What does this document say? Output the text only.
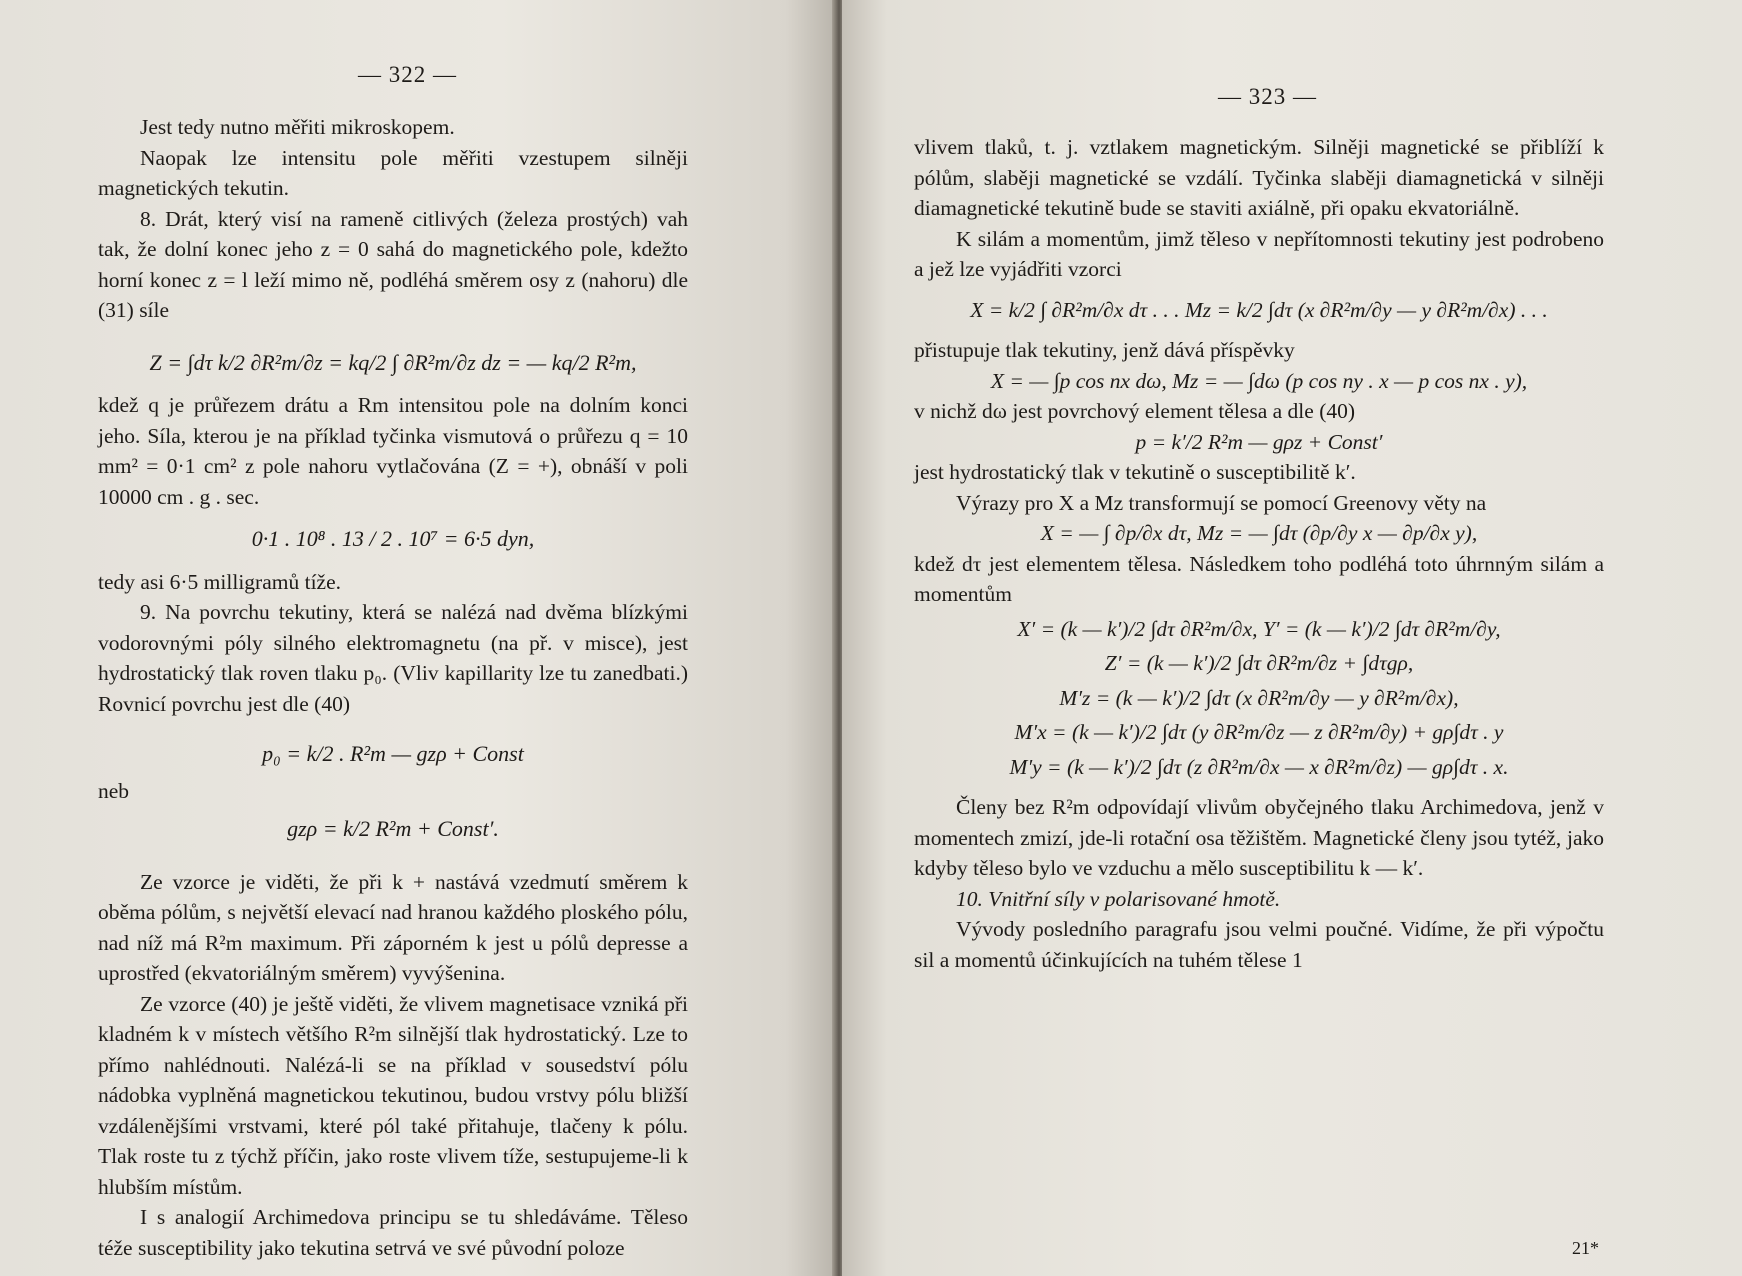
— 322 —

Jest tedy nutno měřiti mikroskopem.

Naopak lze intensitu pole měřiti vzestupem silněji magnetických tekutin.

8. Drát, který visí na rameně citlivých (železa prostých) vah tak, že dolní konec jeho z = 0 sahá do magnetického pole, kdežto horní konec z = l leží mimo ně, podléhá směrem osy z (nahoru) dle (31) síle

Z = ∫dτ k/2 ∂R²m/∂z = kq/2 ∫ ∂R²m/∂z dz = — kq/2 R²m,

kdež q je průřezem drátu a Rm intensitou pole na dolním konci jeho. Síla, kterou je na příklad tyčinka vismutová o průřezu q = 10 mm² = 0·1 cm² z pole nahoru vytlačována (Z = +), obnáší v poli 10000 cm . g . sec.

0·1 . 10⁸ . 13 / 2 . 10⁷ = 6·5 dyn,

tedy asi 6·5 milligramů tíže.

9. Na povrchu tekutiny, která se nalézá nad dvěma blízkými vodorovnými póly silného elektromagnetu (na př. v misce), jest hydrostatický tlak roven tlaku p₀. (Vliv kapillarity lze tu zanedbati.) Rovnicí povrchu jest dle (40)

p₀ = k/2 . R²m — gzρ + Const

neb

gzρ = k/2 R²m + Const′.

Ze vzorce je viděti, že při k + nastává vzedmutí směrem k oběma pólům, s největší elevací nad hranou každého ploského pólu, nad níž má R²m maximum. Při záporném k jest u pólů depresse a uprostřed (ekvatoriálným směrem) vyvýšenina.

Ze vzorce (40) je ještě viděti, že vlivem magnetisace vzniká při kladném k v místech většího R²m silnější tlak hydrostatický. Lze to přímo nahlédnouti. Nalézá-li se na příklad v sousedství pólu nádobka vyplněná magnetickou tekutinou, budou vrstvy pólu bližší vzdálenějšími vrstvami, které pól také přitahuje, tlačeny k pólu. Tlak roste tu z týchž příčin, jako roste vlivem tíže, sestupujeme-li k hlubším místům.

I s analogií Archimedova principu se tu shledáváme. Těleso téže susceptibility jako tekutina setrvá ve své původní poloze

— 323 —

vlivem tlaků, t. j. vztlakem magnetickým. Silněji magnetické se přiblíží k pólům, slaběji magnetické se vzdálí. Tyčinka slaběji diamagnetická v silněji diamagnetické tekutině bude se staviti axiálně, při opaku ekvatoriálně.

K silám a momentům, jimž těleso v nepřítomnosti tekutiny jest podrobeno a jež lze vyjádřiti vzorci

X = k/2 ∫ ∂R²m/∂x dτ . . . Mz = k/2 ∫dτ (x ∂R²m/∂y — y ∂R²m/∂x) . . .

přistupuje tlak tekutiny, jenž dává příspěvky

X = — ∫p cos nx dω, Mz = — ∫dω (p cos ny . x — p cos nx . y),

v nichž dω jest povrchový element tělesa a dle (40)

p = k′/2 R²m — gρz + Const′

jest hydrostatický tlak v tekutině o susceptibilitě k′.

Výrazy pro X a Mz transformují se pomocí Greenovy věty na

X = — ∫ ∂p/∂x dτ, Mz = — ∫dτ (∂p/∂y x — ∂p/∂x y),

kdež dτ jest elementem tělesa. Následkem toho podléhá toto úhrnným silám a momentům

X′ = (k — k′)/2 ∫dτ ∂R²m/∂x, Y′ = (k — k′)/2 ∫dτ ∂R²m/∂y,

Z′ = (k — k′)/2 ∫dτ ∂R²m/∂z + ∫dτgρ,

M′z = (k — k′)/2 ∫dτ (x ∂R²m/∂y — y ∂R²m/∂x),

M′x = (k — k′)/2 ∫dτ (y ∂R²m/∂z — z ∂R²m/∂y) + gρ∫dτ . y

M′y = (k — k′)/2 ∫dτ (z ∂R²m/∂x — x ∂R²m/∂z) — gρ∫dτ . x.

Členy bez R²m odpovídají vlivům obyčejného tlaku Archimedova, jenž v momentech zmizí, jde-li rotační osa těžištěm. Magnetické členy jsou tytéž, jako kdyby těleso bylo ve vzduchu a mělo susceptibilitu k — k′.

10. Vnitřní síly v polarisované hmotě.

Vývody posledního paragrafu jsou velmi poučné. Vidíme, že při výpočtu sil a momentů účinkujících na tuhém tělese 1

21*
